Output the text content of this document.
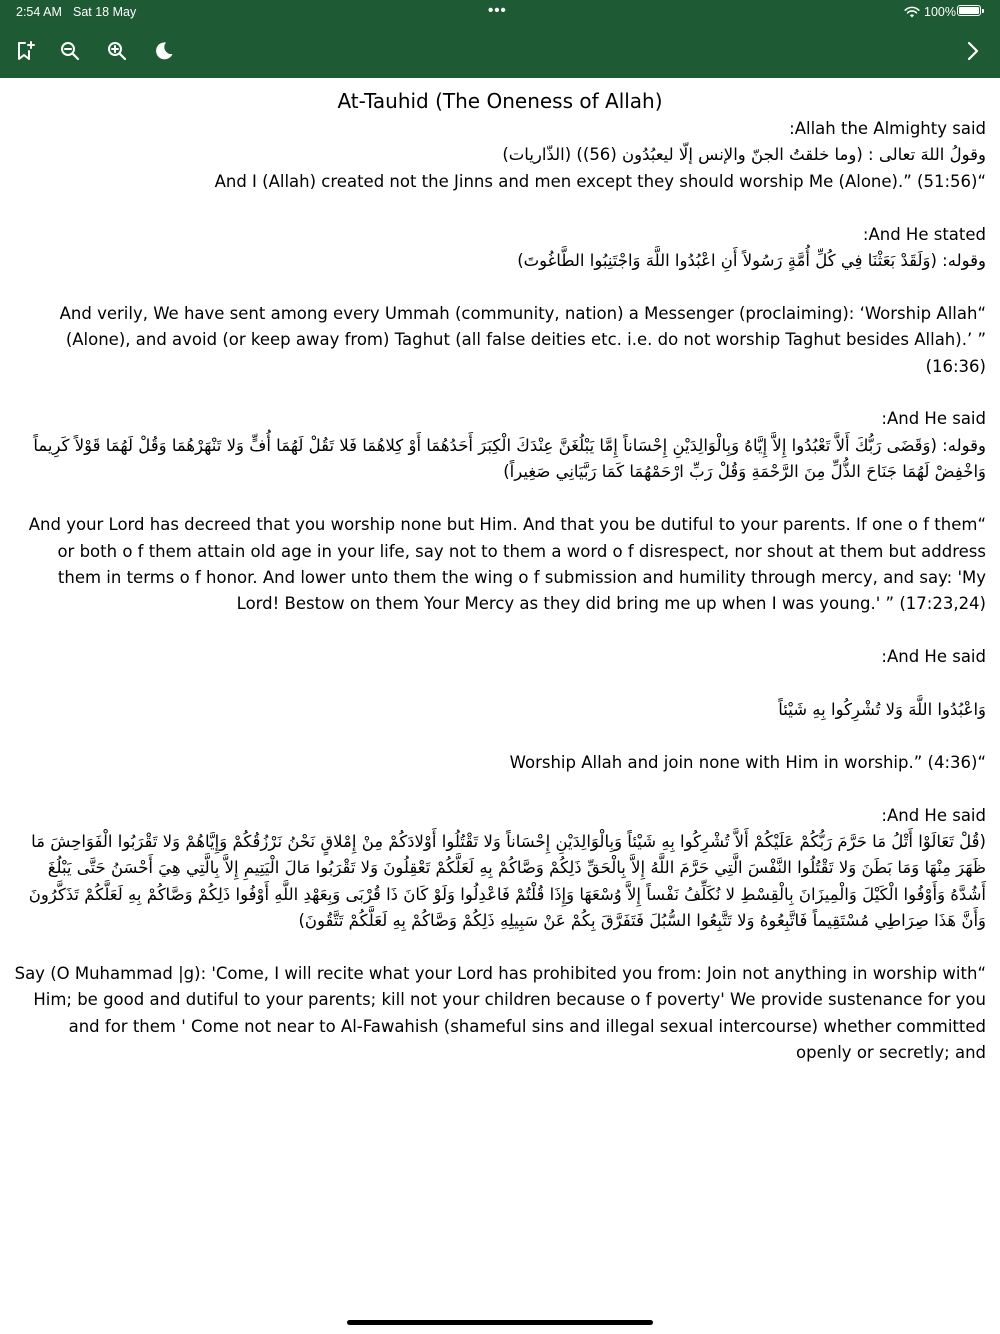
2:54 AM Sat 18 May	•••	100%
At-Tauhid (The Oneness of Allah)
Allah the Almighty said:
وقولُ اللهَ تعالى : (وما خلقتُ الجنّ والإنس إلّا ليعبُدُون (56)) (الذّاريات)
“And I (Allah) created not the Jinns and men except they should worship Me (Alone).” (51:56)

And He stated:
وقوله: (وَلَقَدْ بَعَثْنَا فِي كُلِّ أُمَّةٍ رَسُولاً أَنِ اعْبُدُوا اللَّهَ وَاجْتَنِبُوا الطَّاغُوتَ)

“And verily, We have sent among every Ummah (community, nation) a Messenger (proclaiming): ‘Worship Allah (Alone), and avoid (or keep away from) Taghut (all false deities etc. i.e. do not worship Taghut besides Allah).’ ” (16:36)

And He said:
وقوله: (وَقَضَى رَبُّكَ أَلاَّ تَعْبُدُوا إِلاَّ إِيَّاهُ وَبِالْوَالِدَيْنِ إِحْسَاناً إِمَّا يَبْلُغَنَّ عِنْدَكَ الْكِبَرَ أَحَدُهُمَا أَوْ كِلاهُمَا فَلا تَقُلْ لَهُمَا أُفٍّ وَلا تَنْهَرْهُمَا وَقُلْ لَهُمَا قَوْلاً كَرِيماً وَاخْفِضْ لَهُمَا جَنَاحَ الذُّلِّ مِنَ الرَّحْمَةِ وَقُلْ رَبِّ ارْحَمْهُمَا كَمَا رَبَّيَانِي صَغِيراً)

“And your Lord has decreed that you worship none but Him. And that you be dutiful to your parents. If one o f them or both o f them attain old age in your life, say not to them a word o f disrespect, nor shout at them but address them in terms o f honor. And lower unto them the wing o f submission and humility through mercy, and say: 'My Lord! Bestow on them Your Mercy as they did bring me up when I was young.' ” (17:23,24)

And He said:

وَاعْبُدُوا اللَّهَ وَلا تُشْرِكُوا بِهِ شَيْئاً

“Worship Allah and join none with Him in worship.” (4:36)

And He said:
(قُلْ تَعَالَوْا أَتْلُ مَا حَرَّمَ رَبُّكُمْ عَلَيْكُمْ أَلاَّ تُشْرِكُوا بِهِ شَيْئاً وَبِالْوَالِدَيْنِ إِحْسَاناً وَلا تَقْتُلُوا أَوْلادَكُمْ مِنْ إِمْلاقٍ نَحْنُ نَرْزُقُكُمْ وَإِيَّاهُمْ وَلا تَقْرَبُوا الْفَوَاحِشَ مَا ظَهَرَ مِنْهَا وَمَا بَطَنَ وَلا تَقْتُلُوا النَّفْسَ الَّتِي حَرَّمَ اللَّهُ إِلاَّ بِالْحَقِّ ذَلِكُمْ وَصَّاكُمْ بِهِ لَعَلَّكُمْ تَعْقِلُونَ وَلا تَقْرَبُوا مَالَ الْيَتِيمِ إِلاَّ بِالَّتِي هِيَ أَحْسَنُ حَتَّى يَبْلُغَ أَشُدَّهُ وَأَوْفُوا الْكَيْلَ وَالْمِيزَانَ بِالْقِسْطِ لا نُكَلِّفُ نَفْساً إِلاَّ وُسْعَهَا وَإِذَا قُلْتُمْ فَاعْدِلُوا وَلَوْ كَانَ ذَا قُرْبَى وَبِعَهْدِ اللَّهِ أَوْفُوا ذَلِكُمْ وَصَّاكُمْ بِهِ لَعَلَّكُمْ تَذَكَّرُونَ وَأَنَّ هَذَا صِرَاطِي مُسْتَقِيماً فَاتَّبِعُوهُ وَلا تَتَّبِعُوا السُّبُلَ فَتَفَرَّقَ بِكُمْ عَنْ سَبِيلِهِ ذَلِكُمْ وَصَّاكُمْ بِهِ لَعَلَّكُمْ تَتَّقُونَ)

“Say (O Muhammad |g): 'Come, I will recite what your Lord has prohibited you from: Join not anything in worship with Him; be good and dutiful to your parents; kill not your children because o f poverty' We provide sustenance for you and for them ' Come not near to Al-Fawahish (shameful sins and illegal sexual intercourse) whether committed openly or secretly; and
